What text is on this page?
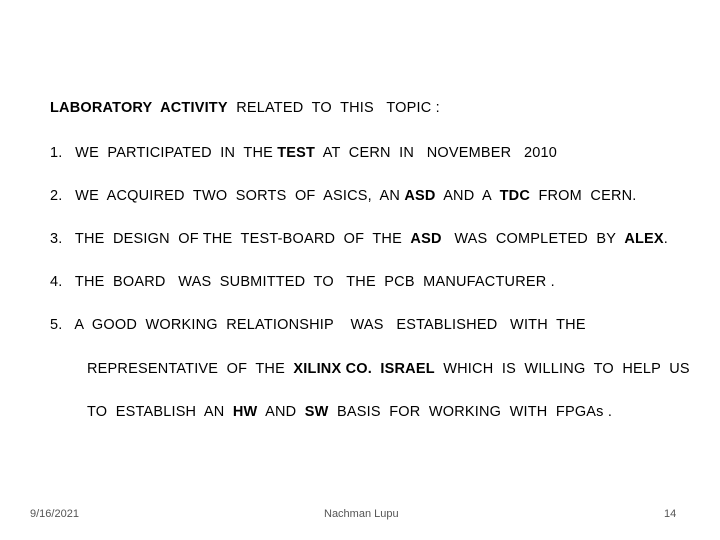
LABORATORY  ACTIVITY  RELATED  TO  THIS   TOPIC :
1.   WE  PARTICIPATED  IN  THE TEST  AT  CERN  IN   NOVEMBER   2010
2.   WE  ACQUIRED  TWO  SORTS  OF  ASICS,  AN ASD  AND  A  TDC  FROM  CERN.
3.   THE  DESIGN  OF THE  TEST-BOARD  OF  THE  ASD   WAS  COMPLETED  BY  ALEX.
4.   THE  BOARD   WAS  SUBMITTED  TO   THE  PCB  MANUFACTURER .
5.   A  GOOD  WORKING  RELATIONSHIP    WAS   ESTABLISHED   WITH  THE
REPRESENTATIVE  OF  THE  XILINX CO.  ISRAEL  WHICH  IS  WILLING  TO  HELP  US
TO  ESTABLISH  AN  HW  AND  SW  BASIS  FOR  WORKING  WITH  FPGAs .
9/16/2021	Nachman Lupu	14
